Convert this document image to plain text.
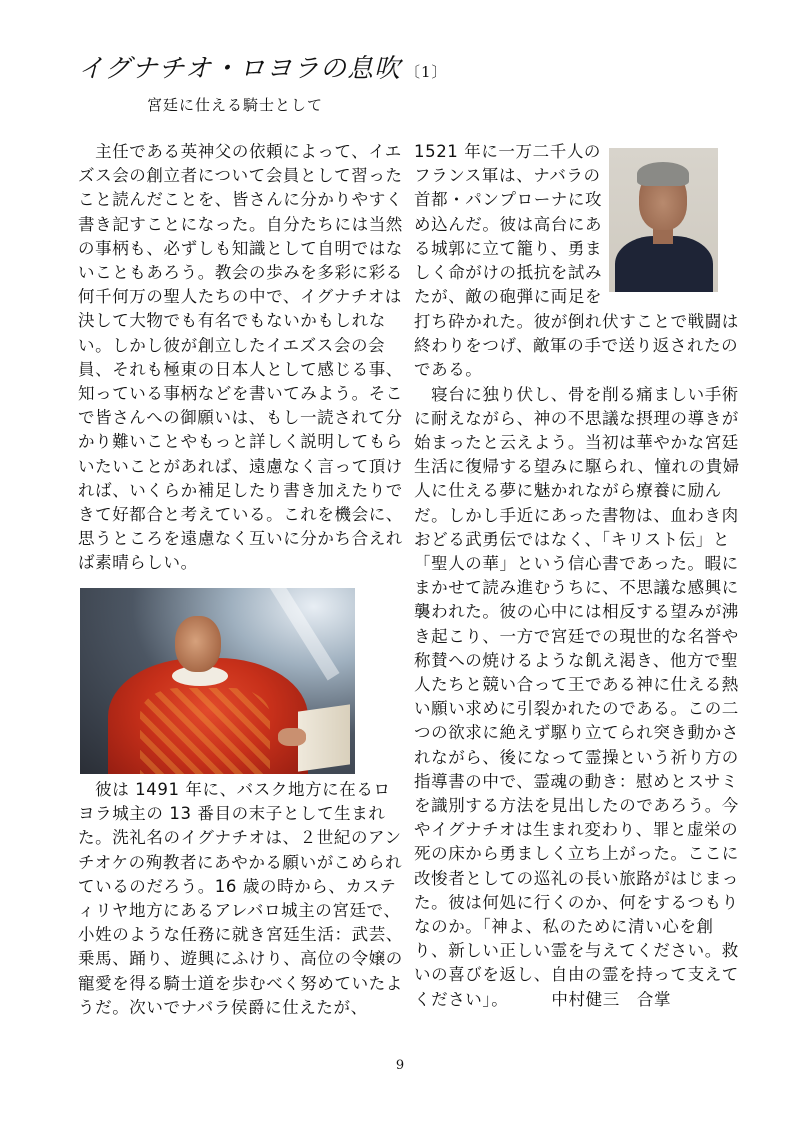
イグナチオ・ロヨラの息吹 〔1〕
宮廷に仕える騎士として
　主任である英神父の依頼によって、イエ
ズス会の創立者について会員として習った
こと読んだことを、皆さんに分かりやすく
書き記すことになった。自分たちには当然
の事柄も、必ずしも知識として自明ではな
いこともあろう。教会の歩みを多彩に彩る
何千何万の聖人たちの中で、イグナチオは
決して大物でも有名でもないかもしれな
い。しかし彼が創立したイエズス会の会
員、それも極東の日本人として感じる事、
知っている事柄などを書いてみよう。そこ
で皆さんへの御願いは、もし一読されて分
かり難いことやもっと詳しく説明してもら
いたいことがあれば、遠慮なく言って頂け
れば、いくらか補足したり書き加えたりで
きて好都合と考えている。これを機会に、
思うところを遠慮なく互いに分かち合えれ
ば素晴らしい。
　彼は 1491 年に、バスク地方に在るロ
ヨラ城主の 13 番目の末子として生まれ
た。洗礼名のイグナチオは、２世紀のアン
チオケの殉教者にあやかる願いがこめられ
ているのだろう。16 歳の時から、カステ
ィリヤ地方にあるアレバロ城主の宮廷で、
小姓のような任務に就き宮廷生活：武芸、
乗馬、踊り、遊興にふけり、高位の令嬢の
寵愛を得る騎士道を歩むべく努めていたよ
うだ。次いでナバラ侯爵に仕えたが、
1521 年に一万二千人の
フランス軍は、ナバラの
首都・パンプローナに攻
め込んだ。彼は高台にあ
る城郭に立て籠り、勇ま
しく命がけの抵抗を試み
たが、敵の砲弾に両足を
打ち砕かれた。彼が倒れ伏すことで戦闘は
終わりをつげ、敵軍の手で送り返されたの
である。
　寝台に独り伏し、骨を削る痛ましい手術
に耐えながら、神の不思議な摂理の導きが
始まったと云えよう。当初は華やかな宮廷
生活に復帰する望みに駆られ、憧れの貴婦
人に仕える夢に魅かれながら療養に励ん
だ。しかし手近にあった書物は、血わき肉
おどる武勇伝ではなく、「キリスト伝」と
「聖人の華」という信心書であった。暇に
まかせて読み進むうちに、不思議な感興に
襲われた。彼の心中には相反する望みが沸
き起こり、一方で宮廷での現世的な名誉や
称賛への焼けるような飢え渇き、他方で聖
人たちと競い合って王である神に仕える熱
い願い求めに引裂かれたのである。この二
つの欲求に絶えず駆り立てられ突き動かさ
れながら、後になって霊操という祈り方の
指導書の中で、霊魂の動き：慰めとスサミ
を識別する方法を見出したのであろう。今
やイグナチオは生まれ変わり、罪と虚栄の
死の床から勇ましく立ち上がった。ここに
改悛者としての巡礼の長い旅路がはじまっ
た。彼は何処に行くのか、何をするつもり
なのか。「神よ、私のために清い心を創
り、新しい正しい霊を与えてください。救
いの喜びを返し、自由の霊を持って支えて
ください」。　　　中村健三　合掌
9
